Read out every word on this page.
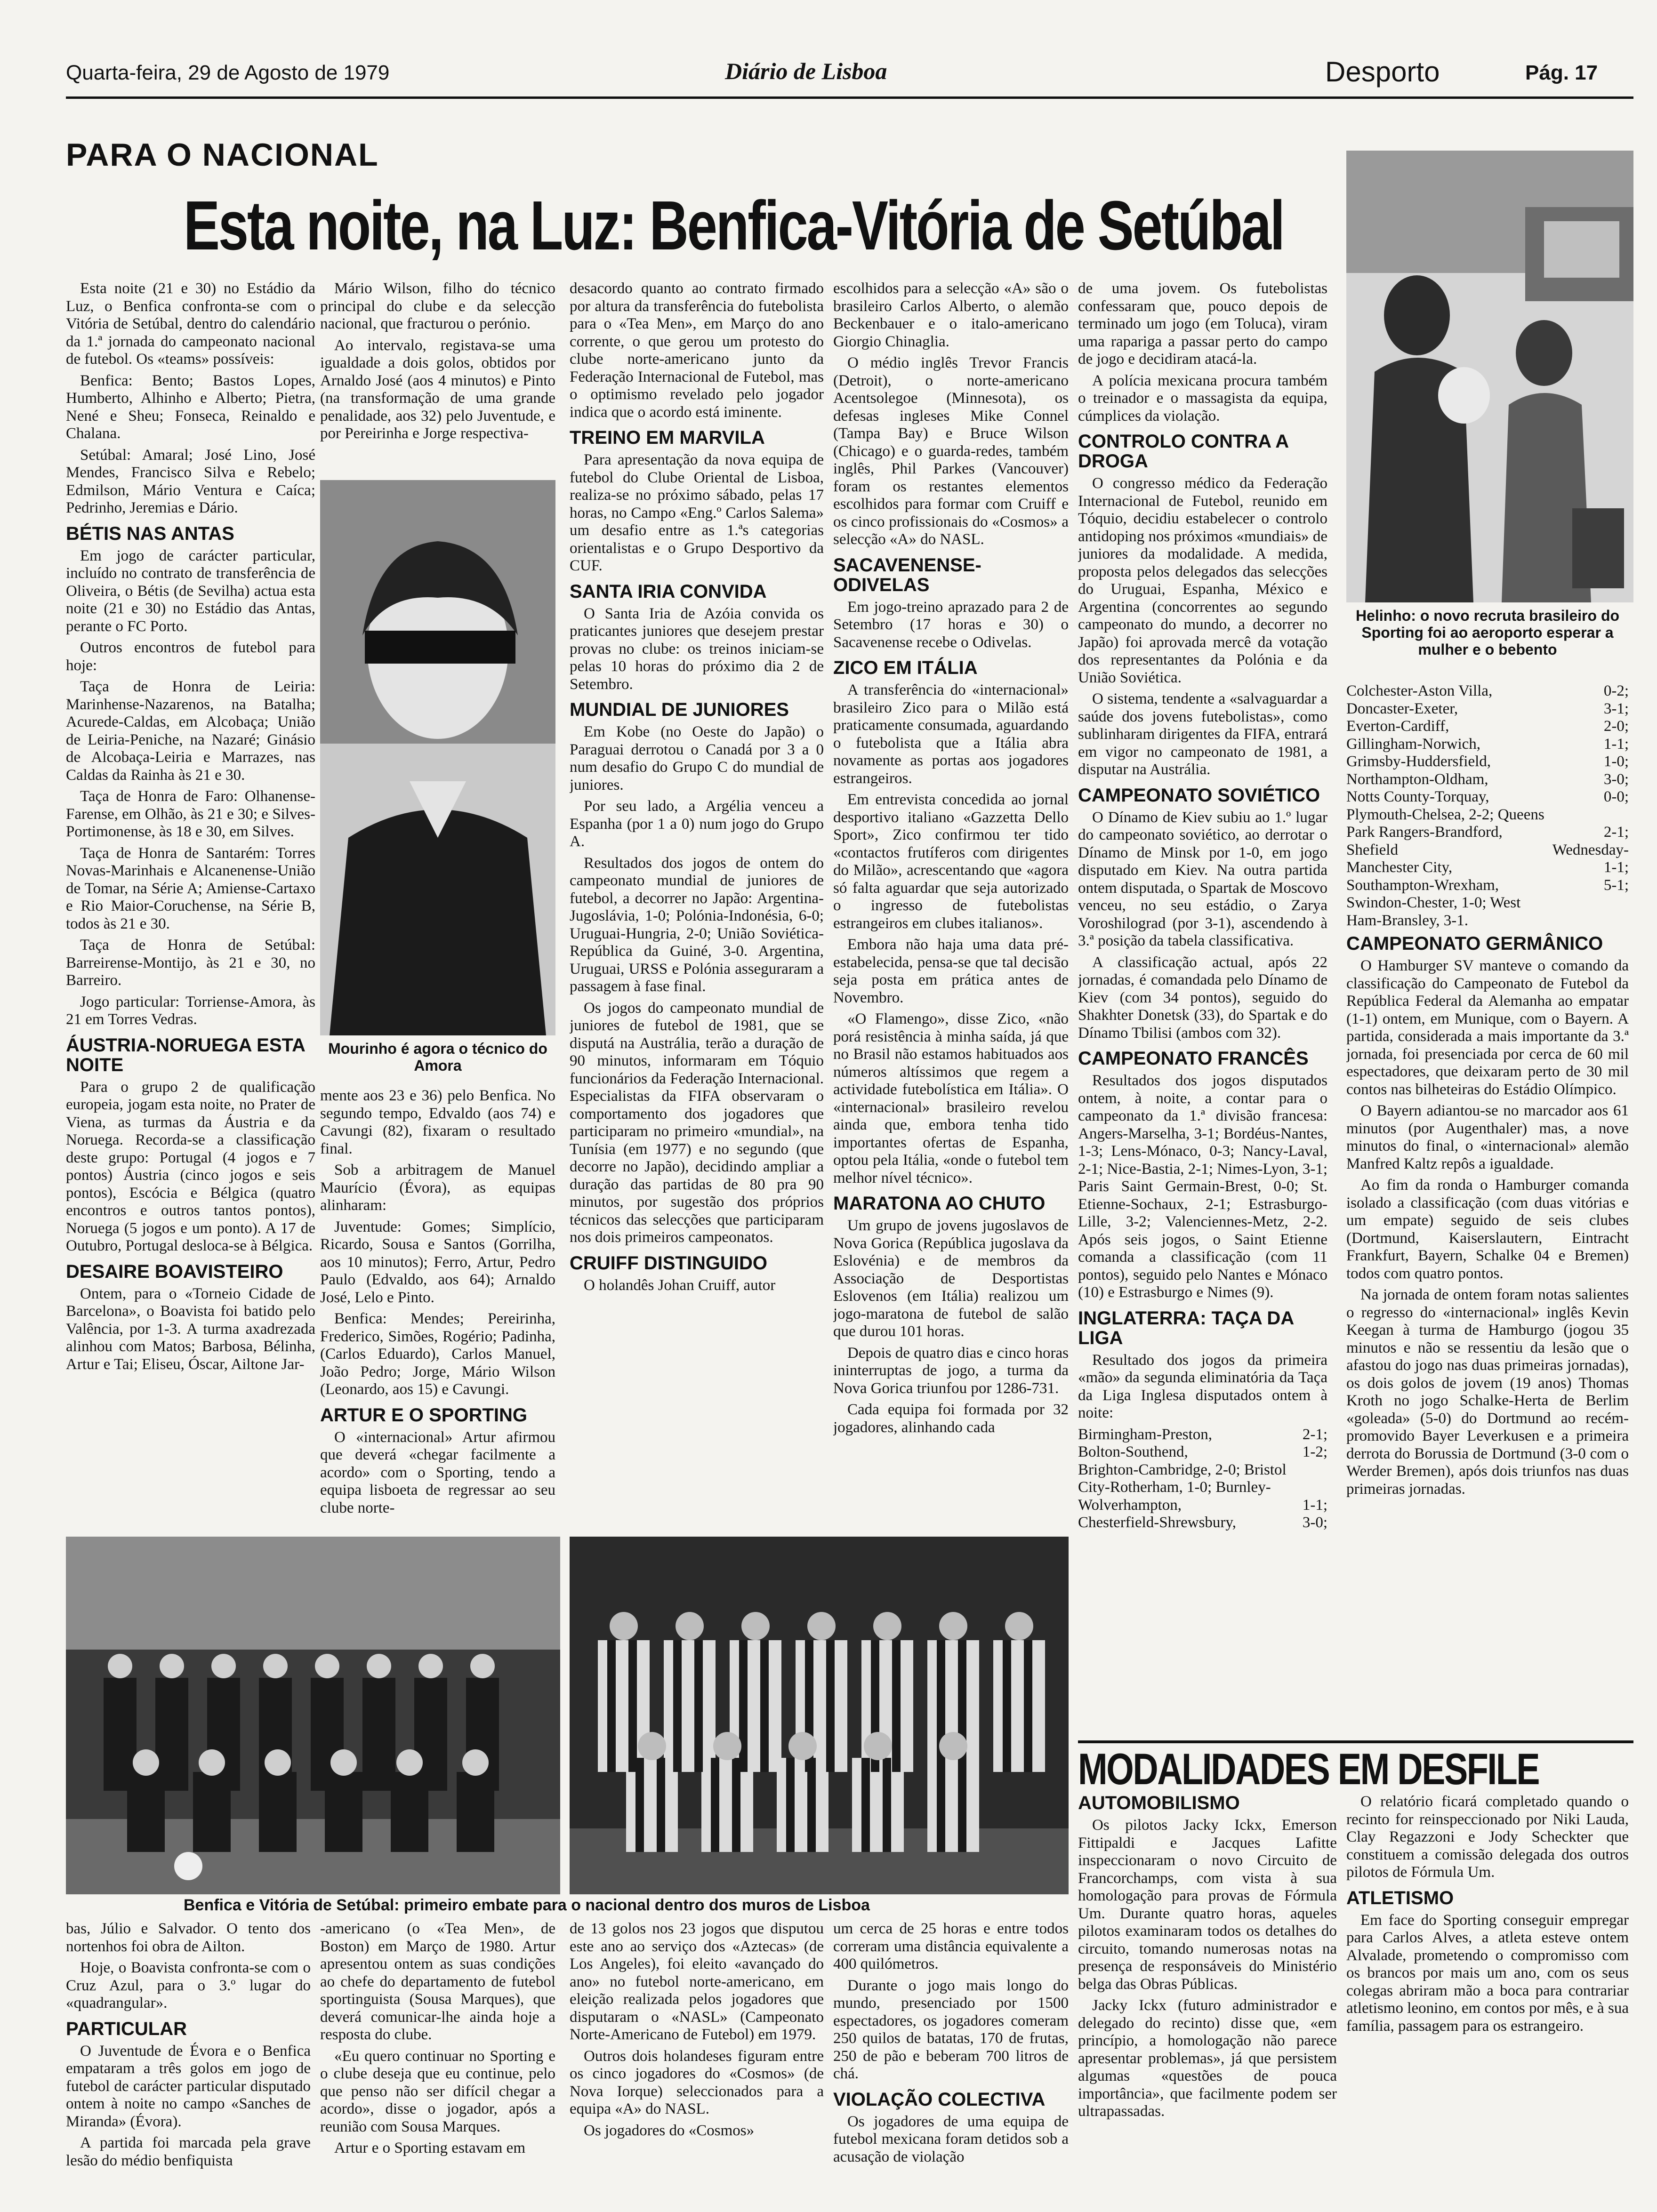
Quarta-feira, 29 de Agosto de 1979	Diário de Lisboa	Desporto	Pág. 17
PARA O NACIONAL
Esta noite, na Luz: Benfica-Vitória de Setúbal

Esta noite (21 e 30) no Estádio da Luz, o Benfica confronta-se com o Vitória de Setúbal, dentro do calendário da 1.ª jornada do campeonato nacional de futebol. Os «teams» possíveis:

Benfica: Bento; Bastos Lopes, Humberto, Alhinho e Alberto; Pietra, Nené e Sheu; Fonseca, Reinaldo e Chalana.

Setúbal: Amaral; José Lino, José Mendes, Francisco Silva e Rebelo; Edmilson, Mário Ventura e Caíca; Pedrinho, Jeremias e Dário.

BÉTIS NAS ANTAS

Em jogo de carácter particular, incluído no contrato de transferência de Oliveira, o Bétis (de Sevilha) actua esta noite (21 e 30) no Estádio das Antas, perante o FC Porto.

Outros encontros de futebol para hoje:

Taça de Honra de Leiria: Marinhense-Nazarenos, na Batalha; Acurede-Caldas, em Alcobaça; União de Leiria-Peniche, na Nazaré; Ginásio de Alcobaça-Leiria e Marrazes, nas Caldas da Rainha às 21 e 30.

Taça de Honra de Faro: Olhanense-Farense, em Olhão, às 21 e 30; e Silves-Portimonense, às 18 e 30, em Silves.

Taça de Honra de Santarém: Torres Novas-Marinhais e Alcanenense-União de Tomar, na Série A; Amiense-Cartaxo e Rio Maior-Coruchense, na Série B, todos às 21 e 30.

Taça de Honra de Setúbal: Barreirense-Montijo, às 21 e 30, no Barreiro.

Jogo particular: Torriense-Amora, às 21 em Torres Vedras.

ÁUSTRIA-NORUEGA ESTA NOITE

Para o grupo 2 de qualificação europeia, jogam esta noite, no Prater de Viena, as turmas da Áustria e da Noruega. Recorda-se a classificação deste grupo: Portugal (4 jogos e 7 pontos) Áustria (cinco jogos e seis pontos), Escócia e Bélgica (quatro encontros e outros tantos pontos), Noruega (5 jogos e um ponto). A 17 de Outubro, Portugal desloca-se à Bélgica.

DESAIRE BOAVISTEIRO

Ontem, para o «Torneio Cidade de Barcelona», o Boavista foi batido pelo Valência, por 1-3. A turma axadrezada alinhou com Matos; Barbosa, Bélinha, Artur e Tai; Eliseu, Óscar, Ailtone Jar-

Mário Wilson, filho do técnico principal do clube e da selecção nacional, que fracturou o perónio.

Ao intervalo, registava-se uma igualdade a dois golos, obtidos por Arnaldo José (aos 4 minutos) e Pinto (na transformação de uma grande penalidade, aos 32) pelo Juventude, e por Pereirinha e Jorge respectiva-

Mourinho é agora o técnico do Amora

mente aos 23 e 36) pelo Benfica. No segundo tempo, Edvaldo (aos 74) e Cavungi (82), fixaram o resultado final.

Sob a arbitragem de Manuel Maurício (Évora), as equipas alinharam:

Juventude: Gomes; Simplício, Ricardo, Sousa e Santos (Gorrilha, aos 10 minutos); Ferro, Artur, Pedro Paulo (Edvaldo, aos 64); Arnaldo José, Lelo e Pinto.

Benfica: Mendes; Pereirinha, Frederico, Simões, Rogério; Padinha, (Carlos Eduardo), Carlos Manuel, João Pedro; Jorge, Mário Wilson (Leonardo, aos 15) e Cavungi.

ARTUR E O SPORTING

O «internacional» Artur afirmou que deverá «chegar facilmente a acordo» com o Sporting, tendo a equipa lisboeta de regressar ao seu clube norte-

desacordo quanto ao contrato firmado por altura da transferência do futebolista para o «Tea Men», em Março do ano corrente, o que gerou um protesto do clube norte-americano junto da Federação Internacional de Futebol, mas o optimismo revelado pelo jogador indica que o acordo está iminente.

TREINO EM MARVILA

Para apresentação da nova equipa de futebol do Clube Oriental de Lisboa, realiza-se no próximo sábado, pelas 17 horas, no Campo «Eng.º Carlos Salema» um desafio entre as 1.ªs categorias orientalistas e o Grupo Desportivo da CUF.

SANTA IRIA CONVIDA

O Santa Iria de Azóia convida os praticantes juniores que desejem prestar provas no clube: os treinos iniciam-se pelas 10 horas do próximo dia 2 de Setembro.

MUNDIAL DE JUNIORES

Em Kobe (no Oeste do Japão) o Paraguai derrotou o Canadá por 3 a 0 num desafio do Grupo C do mundial de juniores.

Por seu lado, a Argélia venceu a Espanha (por 1 a 0) num jogo do Grupo A.

Resultados dos jogos de ontem do campeonato mundial de juniores de futebol, a decorrer no Japão: Argentina-Jugoslávia, 1-0; Polónia-Indonésia, 6-0; Uruguai-Hungria, 2-0; União Soviética-República da Guiné, 3-0. Argentina, Uruguai, URSS e Polónia asseguraram a passagem à fase final.

Os jogos do campeonato mundial de juniores de futebol de 1981, que se disputá na Austrália, terão a duração de 90 minutos, informaram em Tóquio funcionários da Federação Internacional. Especialistas da FIFA observaram o comportamento dos jogadores que participaram no primeiro «mundial», na Tunísia (em 1977) e no segundo (que decorre no Japão), decidindo ampliar a duração das partidas de 80 pra 90 minutos, por sugestão dos próprios técnicos das selecções que participaram nos dois primeiros campeonatos.

CRUIFF DISTINGUIDO

O holandês Johan Cruiff, autor

escolhidos para a selecção «A» são o brasileiro Carlos Alberto, o alemão Beckenbauer e o italo-americano Giorgio Chinaglia.

O médio inglês Trevor Francis (Detroit), o norte-americano Acentsolegoe (Minnesota), os defesas ingleses Mike Connel (Tampa Bay) e Bruce Wilson (Chicago) e o guarda-redes, também inglês, Phil Parkes (Vancouver) foram os restantes elementos escolhidos para formar com Cruiff e os cinco profissionais do «Cosmos» a selecção «A» do NASL.

SACAVENENSE-ODIVELAS

Em jogo-treino aprazado para 2 de Setembro (17 horas e 30) o Sacavenense recebe o Odivelas.

ZICO EM ITÁLIA

A transferência do «internacional» brasileiro Zico para o Milão está praticamente consumada, aguardando o futebolista que a Itália abra novamente as portas aos jogadores estrangeiros.

Em entrevista concedida ao jornal desportivo italiano «Gazzetta Dello Sport», Zico confirmou ter tido «contactos frutíferos com dirigentes do Milão», acrescentando que «agora só falta aguardar que seja autorizado o ingresso de futebolistas estrangeiros em clubes italianos».

Embora não haja uma data pré-estabelecida, pensa-se que tal decisão seja posta em prática antes de Novembro.

«O Flamengo», disse Zico, «não porá resistência à minha saída, já que no Brasil não estamos habituados aos números altíssimos que regem a actividade futebolística em Itália». O «internacional» brasileiro revelou ainda que, embora tenha tido importantes ofertas de Espanha, optou pela Itália, «onde o futebol tem melhor nível técnico».

MARATONA AO CHUTO

Um grupo de jovens jugoslavos de Nova Gorica (República jugoslava da Eslovénia) e de membros da Associação de Desportistas Eslovenos (em Itália) realizou um jogo-maratona de futebol de salão que durou 101 horas.

Depois de quatro dias e cinco horas ininterruptas de jogo, a turma da Nova Gorica triunfou por 1286-731.

Cada equipa foi formada por 32 jogadores, alinhando cada

de uma jovem. Os futebolistas confessaram que, pouco depois de terminado um jogo (em Toluca), viram uma rapariga a passar perto do campo de jogo e decidiram atacá-la.

A polícia mexicana procura também o treinador e o massagista da equipa, cúmplices da violação.

CONTROLO CONTRA A DROGA

O congresso médico da Federação Internacional de Futebol, reunido em Tóquio, decidiu estabelecer o controlo antidoping nos próximos «mundiais» de juniores da modalidade. A medida, proposta pelos delegados das selecções do Uruguai, Espanha, México e Argentina (concorrentes ao segundo campeonato do mundo, a decorrer no Japão) foi aprovada mercê da votação dos representantes da Polónia e da União Soviética.

O sistema, tendente a «salvaguardar a saúde dos jovens futebolistas», como sublinharam dirigentes da FIFA, entrará em vigor no campeonato de 1981, a disputar na Austrália.

CAMPEONATO SOVIÉTICO

O Dínamo de Kiev subiu ao 1.º lugar do campeonato soviético, ao derrotar o Dínamo de Minsk por 1-0, em jogo disputado em Kiev. Na outra partida ontem disputada, o Spartak de Moscovo venceu, no seu estádio, o Zarya Voroshilograd (por 3-1), ascendendo à 3.ª posição da tabela classificativa.

A classificação actual, após 22 jornadas, é comandada pelo Dínamo de Kiev (com 34 pontos), seguido do Shakhter Donetsk (33), do Spartak e do Dínamo Tbilisi (ambos com 32).

CAMPEONATO FRANCÊS

Resultados dos jogos disputados ontem, à noite, a contar para o campeonato da 1.ª divisão francesa: Angers-Marselha, 3-1; Bordéus-Nantes, 1-3; Lens-Mónaco, 0-3; Nancy-Laval, 2-1; Nice-Bastia, 2-1; Nimes-Lyon, 3-1; Paris Saint Germain-Brest, 0-0; St. Etienne-Sochaux, 2-1; Estrasburgo-Lille, 3-2; Valenciennes-Metz, 2-2. Após seis jogos, o Saint Etienne comanda a classificação (com 11 pontos), seguido pelo Nantes e Mónaco (10) e Estrasburgo e Nimes (9).

INGLATERRA: TAÇA DA LIGA

Resultado dos jogos da primeira «mão» da segunda eliminatória da Taça da Liga Inglesa disputados ontem à noite:

Birmingham-Preston,	2-1;
Bolton-Southend,	1-2;
Brighton-Cambridge, 2-0; Bristol
City-Rotherham, 1-0; Burnley-
Wolverhampton,	1-1;
Chesterfield-Shrewsbury,	3-0;
Helinho: o novo recruta brasileiro do Sporting foi ao aeroporto esperar a mulher e o bebento
Colchester-Aston Villa,	0-2;
Doncaster-Exeter,	3-1;
Everton-Cardiff,	2-0;
Gillingham-Norwich,	1-1;
Grimsby-Huddersfield,	1-0;
Northampton-Oldham,	3-0;
Notts County-Torquay,	0-0;
Plymouth-Chelsea, 2-2; Queens
Park Rangers-Brandford,	2-1;
Shefield	Wednesday-
Manchester City,	1-1;
Southampton-Wrexham,	5-1;
Swindon-Chester, 1-0; West
Ham-Bransley, 3-1.
CAMPEONATO GERMÂNICO

O Hamburger SV manteve o comando da classificação do Campeonato de Futebol da República Federal da Alemanha ao empatar (1-1) ontem, em Munique, com o Bayern. A partida, considerada a mais importante da 3.ª jornada, foi presenciada por cerca de 60 mil espectadores, que deixaram perto de 30 mil contos nas bilheteiras do Estádio Olímpico.

O Bayern adiantou-se no marcador aos 61 minutos (por Augenthaler) mas, a nove minutos do final, o «internacional» alemão Manfred Kaltz repôs a igualdade.

Ao fim da ronda o Hamburger comanda isolado a classificação (com duas vitórias e um empate) seguido de seis clubes (Dortmund, Kaiserslautern, Eintracht Frankfurt, Bayern, Schalke 04 e Bremen) todos com quatro pontos.

Na jornada de ontem foram notas salientes o regresso do «internacional» inglês Kevin Keegan à turma de Hamburgo (jogou 35 minutos e não se ressentiu da lesão que o afastou do jogo nas duas primeiras jornadas), os dois golos de jovem (19 anos) Thomas Kroth no jogo Schalke-Herta de Berlim «goleada» (5-0) do Dortmund ao recém-promovido Bayer Leverkusen e a primeira derrota do Borussia de Dortmund (3-0 com o Werder Bremen), após dois triunfos nas duas primeiras jornadas.

Benfica e Vitória de Setúbal: primeiro embate para o nacional dentro dos muros de Lisboa

bas, Júlio e Salvador. O tento dos nortenhos foi obra de Ailton.

Hoje, o Boavista confronta-se com o Cruz Azul, para o 3.º lugar do «quadrangular».

PARTICULAR

O Juventude de Évora e o Benfica empataram a três golos em jogo de futebol de carácter particular disputado ontem à noite no campo «Sanches de Miranda» (Évora).

A partida foi marcada pela grave lesão do médio benfiquista

-americano (o «Tea Men», de Boston) em Março de 1980. Artur apresentou ontem as suas condições ao chefe do departamento de futebol sportinguista (Sousa Marques), que deverá comunicar-lhe ainda hoje a resposta do clube.

«Eu quero continuar no Sporting e o clube deseja que eu continue, pelo que penso não ser difícil chegar a acordo», disse o jogador, após a reunião com Sousa Marques.

Artur e o Sporting estavam em

de 13 golos nos 23 jogos que disputou este ano ao serviço dos «Aztecas» (de Los Angeles), foi eleito «avançado do ano» no futebol norte-americano, em eleição realizada pelos jogadores que disputaram o «NASL» (Campeonato Norte-Americano de Futebol) em 1979.

Outros dois holandeses figuram entre os cinco jogadores do «Cosmos» (de Nova Iorque) seleccionados para a equipa «A» do NASL.

Os jogadores do «Cosmos»

um cerca de 25 horas e entre todos correram uma distância equivalente a 400 quilómetros.

Durante o jogo mais longo do mundo, presenciado por 1500 espectadores, os jogadores comeram 250 quilos de batatas, 170 de frutas, 250 de pão e beberam 700 litros de chá.

VIOLAÇÃO COLECTIVA

Os jogadores de uma equipa de futebol mexicana foram detidos sob a acusação de violação

MODALIDADES EM DESFILE
AUTOMOBILISMO

Os pilotos Jacky Ickx, Emerson Fittipaldi e Jacques Lafitte inspeccionaram o novo Circuito de Francorchamps, com vista à sua homologação para provas de Fórmula Um. Durante quatro horas, aqueles pilotos examinaram todos os detalhes do circuito, tomando numerosas notas na presença de responsáveis do Ministério belga das Obras Públicas.

Jacky Ickx (futuro administrador e delegado do recinto) disse que, «em princípio, a homologação não parece apresentar problemas», já que persistem algumas «questões de pouca importância», que facilmente podem ser ultrapassadas.

O relatório ficará completado quando o recinto for reinspeccionado por Niki Lauda, Clay Regazzoni e Jody Scheckter que constituem a comissão delegada dos outros pilotos de Fórmula Um.

ATLETISMO

Em face do Sporting conseguir empregar para Carlos Alves, a atleta esteve ontem Alvalade, prometendo o compromisso com os brancos por mais um ano, com os seus colegas abriram mão a boca para contrariar atletismo leonino, em contos por mês, e à sua família, passagem para os estrangeiro.
